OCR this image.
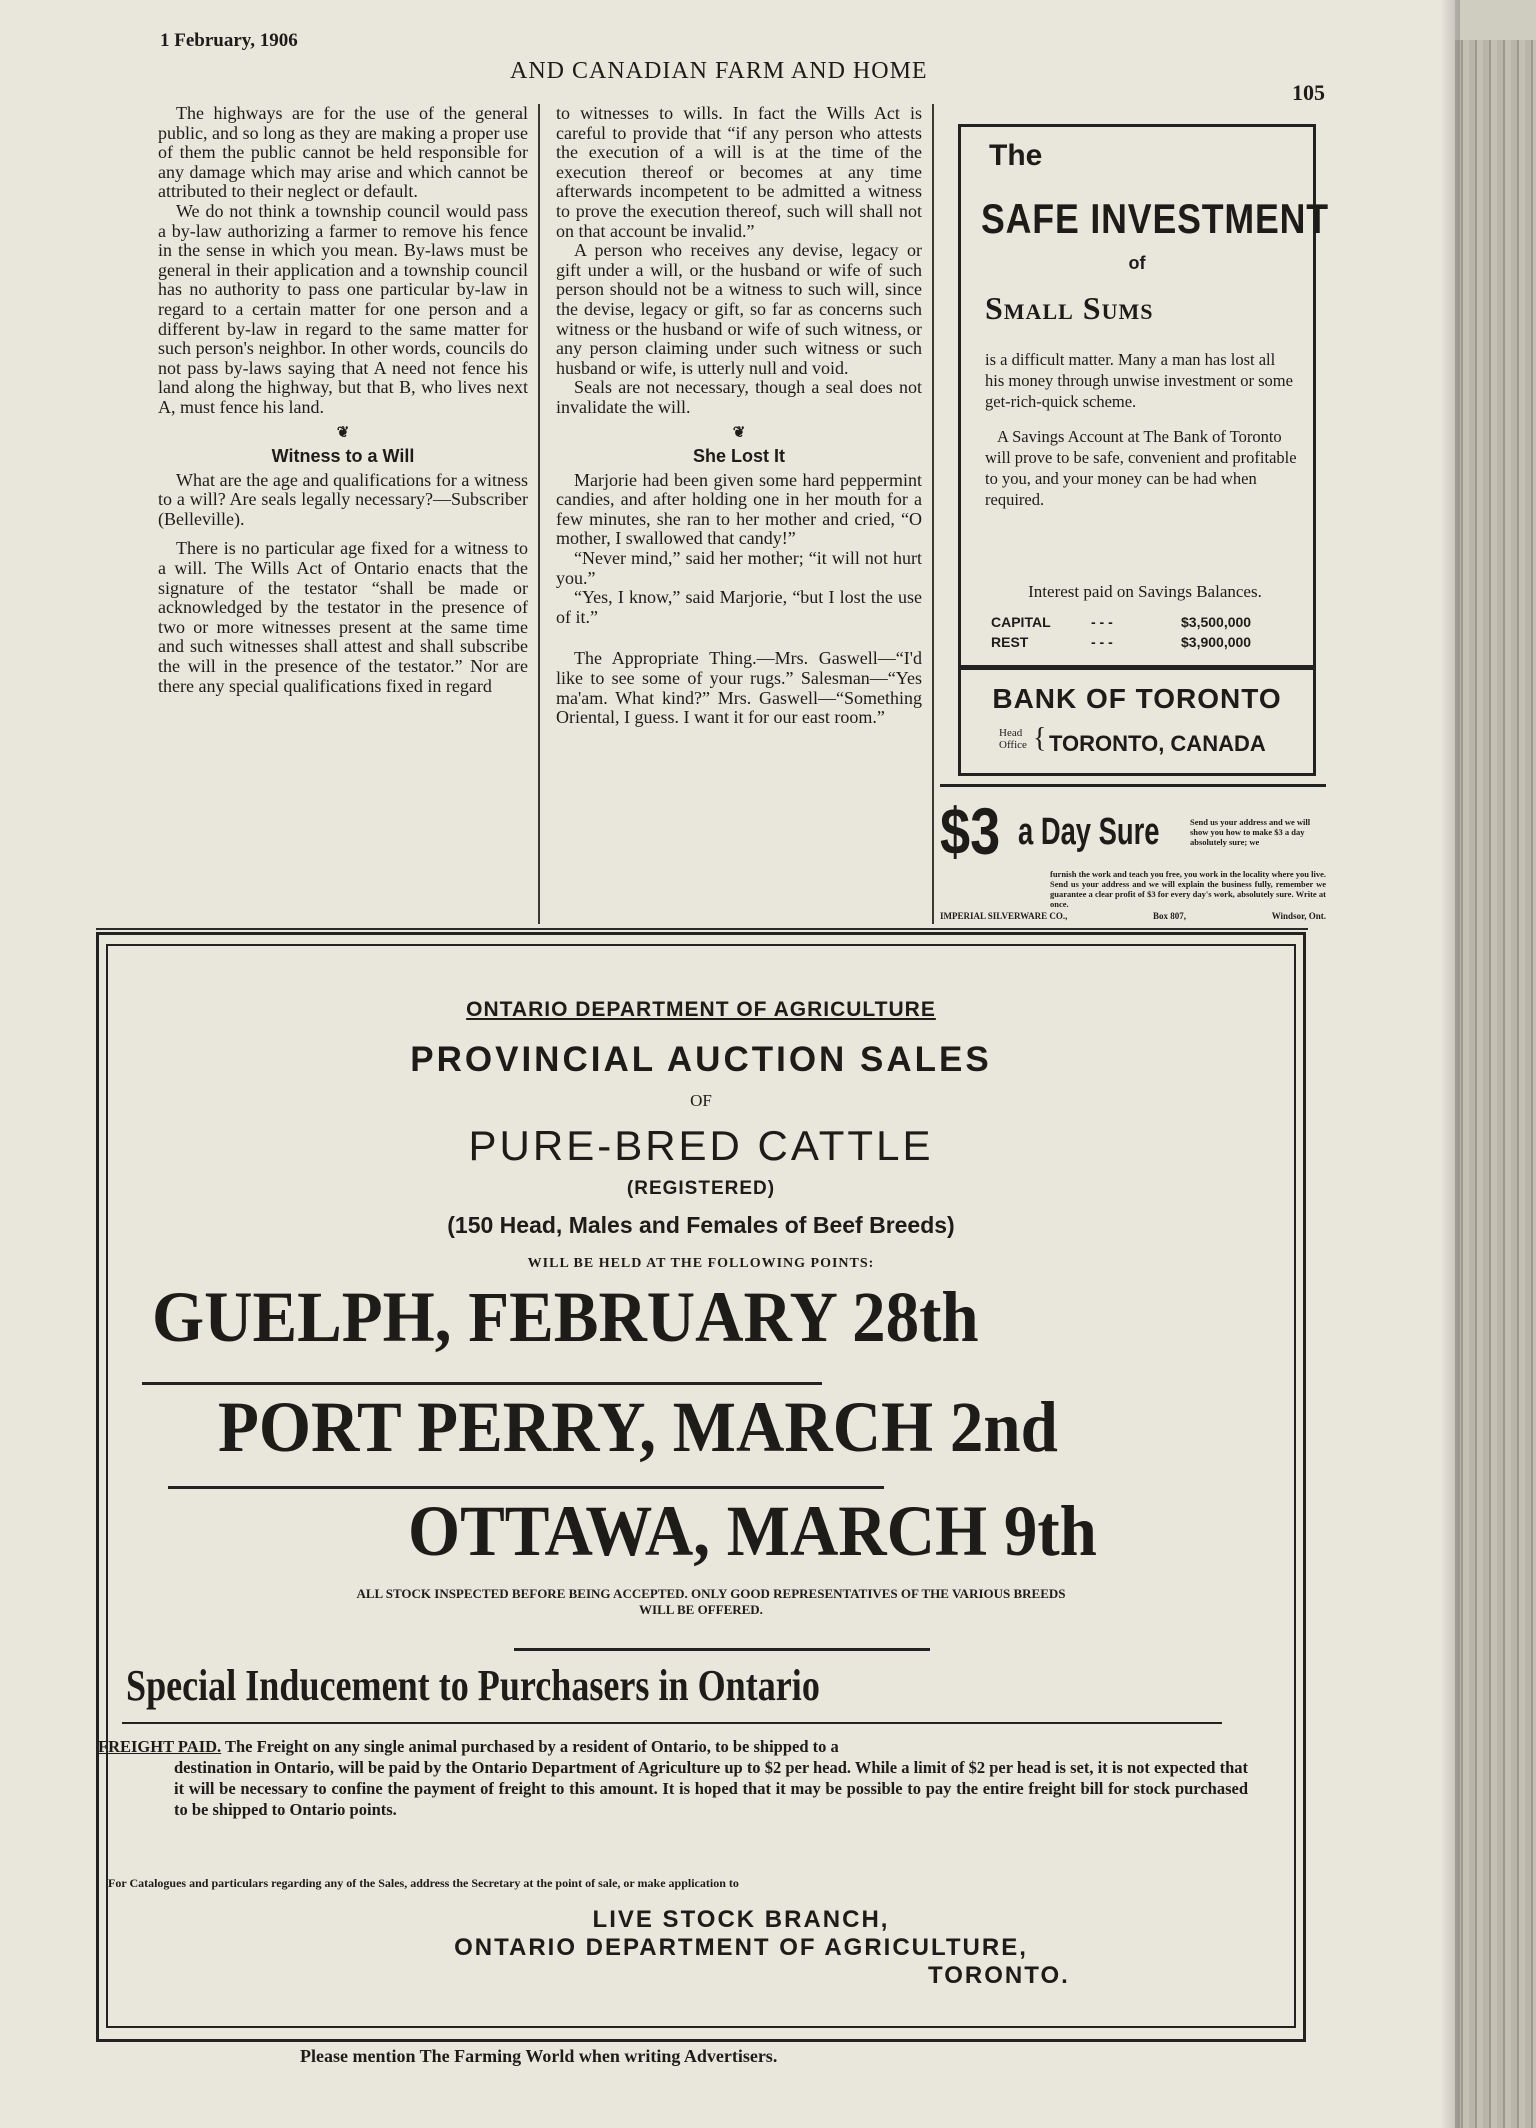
1 February, 1906
AND CANADIAN FARM AND HOME
105

The highways are for the use of the general public, and so long as they are making a proper use of them the public cannot be held responsible for any damage which may arise and which cannot be attributed to their neglect or default.

We do not think a township council would pass a by-law authorizing a farmer to remove his fence in the sense in which you mean. By-laws must be general in their application and a township council has no authority to pass one particular by-law in regard to a certain matter for one person and a different by-law in regard to the same matter for such person's neighbor. In other words, councils do not pass by-laws saying that A need not fence his land along the highway, but that B, who lives next A, must fence his land.

❦
Witness to a Will

What are the age and qualifications for a witness to a will? Are seals legally necessary?—Subscriber (Belleville).

There is no particular age fixed for a witness to a will. The Wills Act of Ontario enacts that the signature of the testator “shall be made or acknowledged by the testator in the presence of two or more witnesses present at the same time and such witnesses shall attest and shall subscribe the will in the presence of the testator.” Nor are there any special qualifications fixed in regard

to witnesses to wills. In fact the Wills Act is careful to provide that “if any person who attests the execution of a will is at the time of the execution thereof or becomes at any time afterwards incompetent to be admitted a witness to prove the execution thereof, such will shall not on that account be invalid.”

A person who receives any devise, legacy or gift under a will, or the husband or wife of such person should not be a witness to such will, since the devise, legacy or gift, so far as concerns such witness or the husband or wife of such witness, or any person claiming under such witness or such husband or wife, is utterly null and void.

Seals are not necessary, though a seal does not invalidate the will.

❦
She Lost It

Marjorie had been given some hard peppermint candies, and after holding one in her mouth for a few minutes, she ran to her mother and cried, “O mother, I swallowed that candy!”

“Never mind,” said her mother; “it will not hurt you.”

“Yes, I know,” said Marjorie, “but I lost the use of it.”

The Appropriate Thing.—Mrs. Gaswell—“I'd like to see some of your rugs.” Salesman—“Yes ma'am. What kind?” Mrs. Gaswell—“Something Oriental, I guess. I want it for our east room.”

The
SAFE INVESTMENT
of
Small Sums

is a difficult matter. Many a man has lost all his money through unwise investment or some get-rich-quick scheme.

A Savings Account at The Bank of Toronto will prove to be safe, convenient and profitable to you, and your money can be had when required.

Interest paid on Savings Balances.
CAPITAL	- - -	$3,500,000
REST	- - -	$3,900,000
BANK OF TORONTO
Head Office { TORONTO, CANADA
$3 a Day Sure	Send us your address and we will show you how to make $3 a day absolutely sure; we
furnish the work and teach you free, you work in the locality where you live. Send us your address and we will explain the business fully, remember we guarantee a clear profit of $3 for every day's work, absolutely sure. Write at once.
IMPERIAL SILVERWARE CO.,	Box 807,	Windsor, Ont.
ONTARIO DEPARTMENT OF AGRICULTURE
PROVINCIAL AUCTION SALES
OF
PURE-BRED CATTLE
(REGISTERED)
(150 Head, Males and Females of Beef Breeds)
WILL BE HELD AT THE FOLLOWING POINTS:
GUELPH, FEBRUARY 28th
PORT PERRY, MARCH 2nd
OTTAWA, MARCH 9th
ALL STOCK INSPECTED BEFORE BEING ACCEPTED. ONLY GOOD REPRESENTATIVES OF THE VARIOUS BREEDS
WILL BE OFFERED.
Special Inducement to Purchasers in Ontario
FREIGHT PAID. The Freight on any single animal purchased by a resident of Ontario, to be shipped to a
destination in Ontario, will be paid by the Ontario Department of Agriculture up to $2 per head. While a limit of $2 per head is set, it is not expected that it will be necessary to confine the payment of freight to this amount. It is hoped that it may be possible to pay the entire freight bill for stock purchased to be shipped to Ontario points.
For Catalogues and particulars regarding any of the Sales, address the Secretary at the point of sale, or make application to
LIVE STOCK BRANCH,
ONTARIO DEPARTMENT OF AGRICULTURE,
TORONTO.
Please mention The Farming World when writing Advertisers.
